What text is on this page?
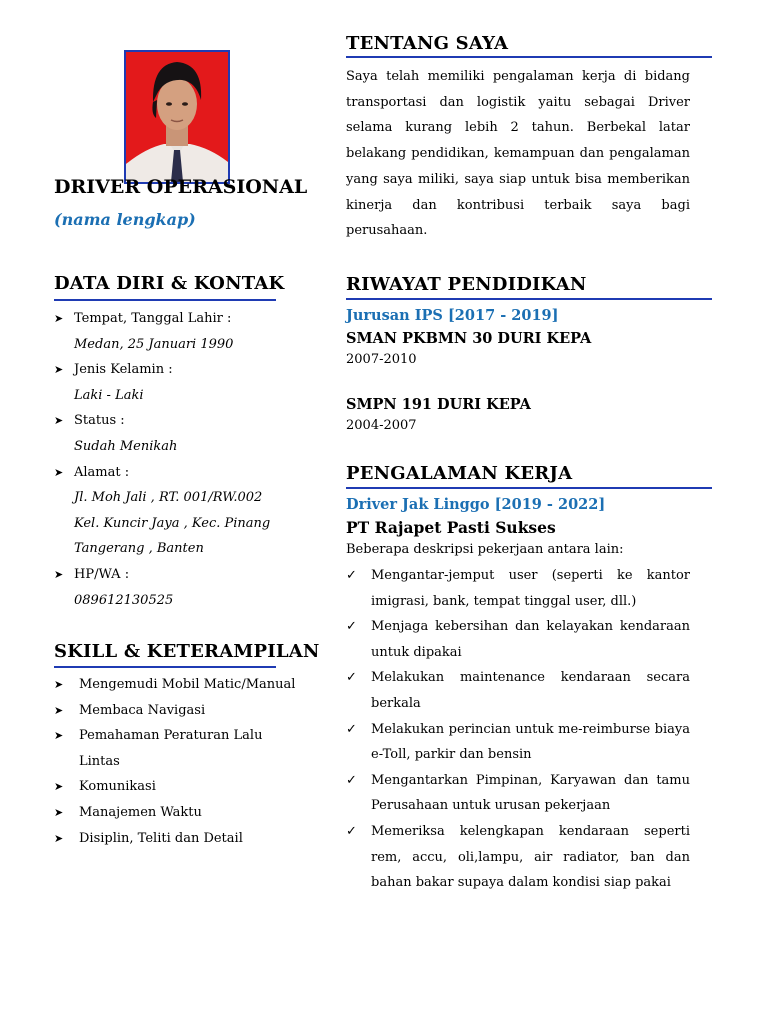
DRIVER OPERASIONAL
(nama lengkap)
DATA DIRI & KONTAK
➤ Tempat, Tanggal Lahir :
Medan, 25 Januari 1990
➤ Jenis Kelamin :
Laki - Laki
➤ Status :
Sudah Menikah
➤ Alamat :
Jl. Moh Jali , RT. 001/RW.002
Kel. Kuncir Jaya , Kec. Pinang
Tangerang , Banten
➤ HP/WA :
089612130525
SKILL & KETERAMPILAN
➤ Mengemudi Mobil Matic/Manual
➤ Membaca Navigasi
➤ Pemahaman Peraturan Lalu
Lintas
➤ Komunikasi
➤ Manajemen Waktu
➤ Disiplin, Teliti dan Detail
TENTANG SAYA
Saya telah memiliki pengalaman kerja di bidang transportasi dan logistik yaitu sebagai Driver selama kurang lebih 2 tahun. Berbekal latar belakang pendidikan, kemampuan dan pengalaman yang saya miliki, saya siap untuk bisa memberikan kinerja dan kontribusi terbaik saya bagi perusahaan.
RIWAYAT PENDIDIKAN
Jurusan IPS [2017 - 2019]
SMAN PKBMN 30 DURI KEPA
2007-2010
SMPN 191 DURI KEPA
2004-2007
PENGALAMAN KERJA
Driver Jak Linggo [2019 - 2022]
PT Rajapet Pasti Sukses
Beberapa deskripsi pekerjaan antara lain:
✓ Mengantar-jemput user (seperti ke kantor imigrasi, bank, tempat tinggal user, dll.)
✓ Menjaga kebersihan dan kelayakan kendaraan untuk dipakai
✓ Melakukan maintenance kendaraan secara berkala
✓ Melakukan perincian untuk me-reimburse biaya e-Toll, parkir dan bensin
✓ Mengantarkan Pimpinan, Karyawan dan tamu Perusahaan untuk urusan pekerjaan
✓ Memeriksa kelengkapan kendaraan seperti rem, accu, oli,lampu, air radiator, ban dan bahan bakar supaya dalam kondisi siap pakai
